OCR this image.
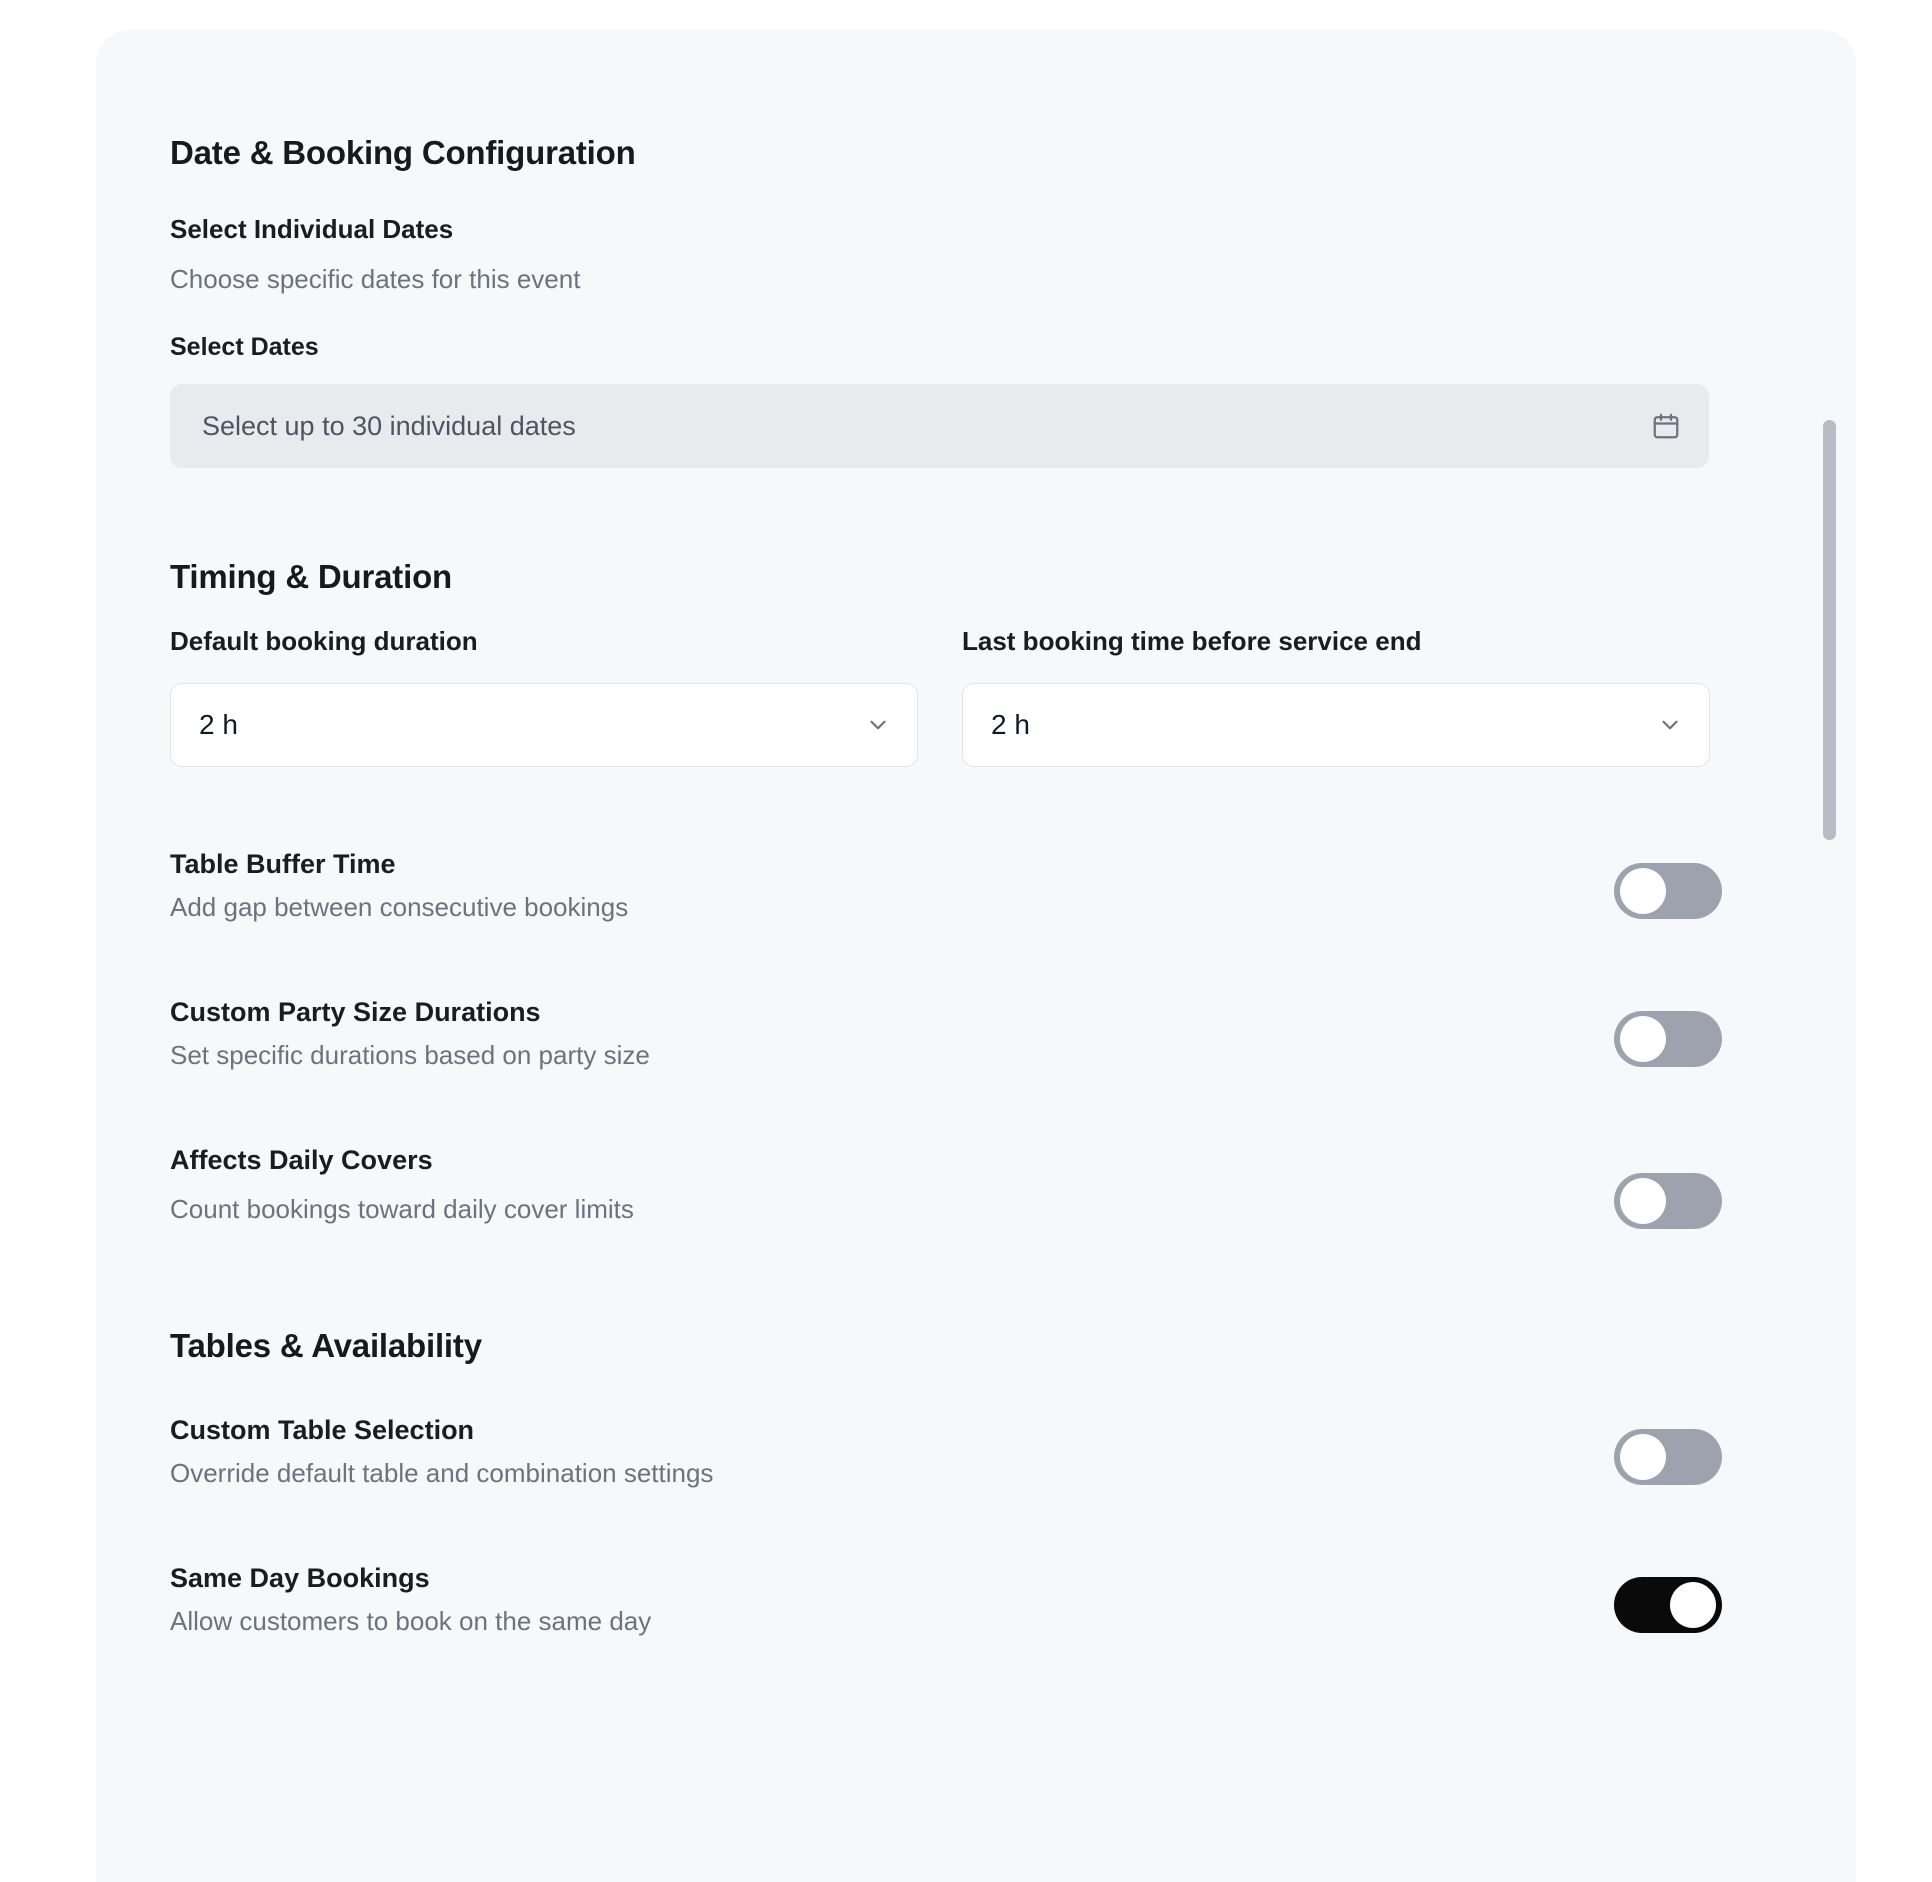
Date & Booking Configuration
Select Individual Dates
Choose specific dates for this event
Select Dates
Select up to 30 individual dates
Timing & Duration
Default booking duration
2 h
Last booking time before service end
2 h
Table Buffer Time
Add gap between consecutive bookings
Custom Party Size Durations
Set specific durations based on party size
Affects Daily Covers
Count bookings toward daily cover limits
Tables & Availability
Custom Table Selection
Override default table and combination settings
Same Day Bookings
Allow customers to book on the same day
